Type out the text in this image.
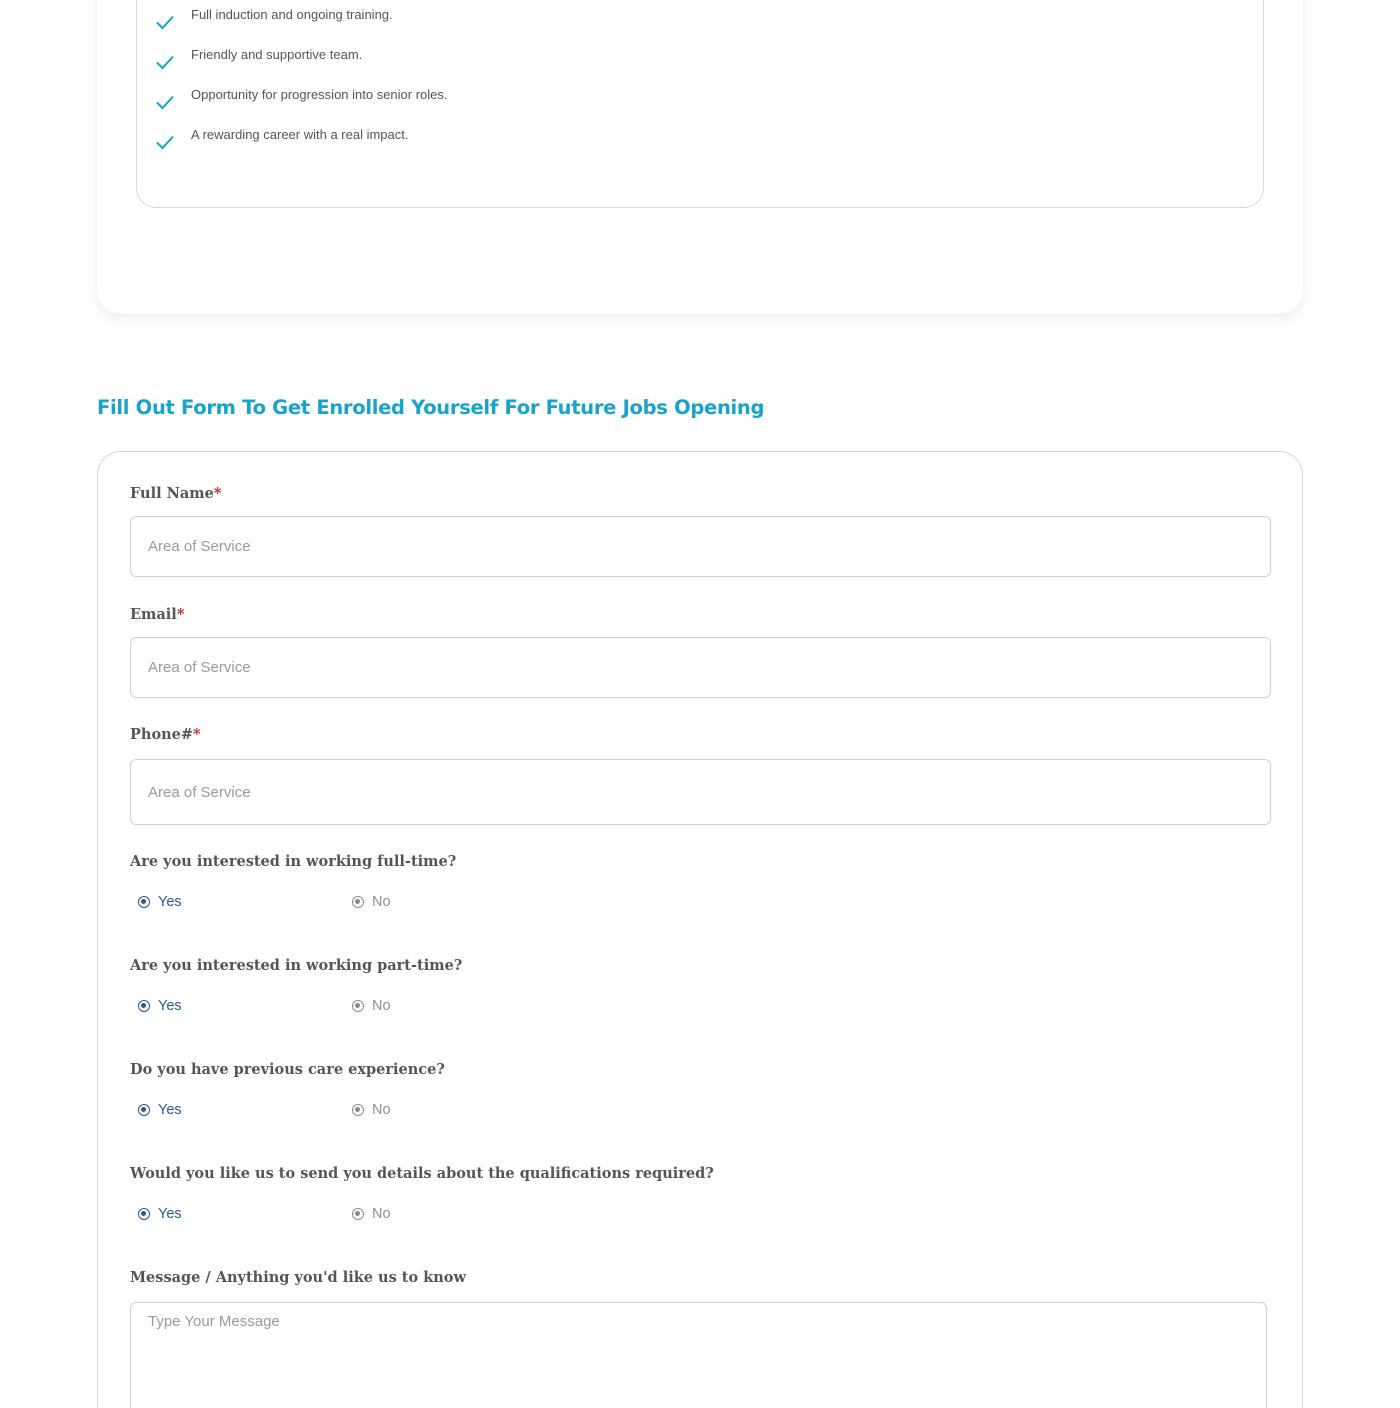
Full induction and ongoing training.
Friendly and supportive team.
Opportunity for progression into senior roles.
A rewarding career with a real impact.
Fill Out Form To Get Enrolled Yourself For Future Jobs Opening
Full Name*
Area of Service
Email*
Area of Service
Phone#*
Area of Service
Are you interested in working full-time?
Yes	No
Are you interested in working part-time?
Yes	No
Do you have previous care experience?
Yes	No
Would you like us to send you details about the qualifications required?
Yes	No
Message / Anything you'd like us to know
Type Your Message
